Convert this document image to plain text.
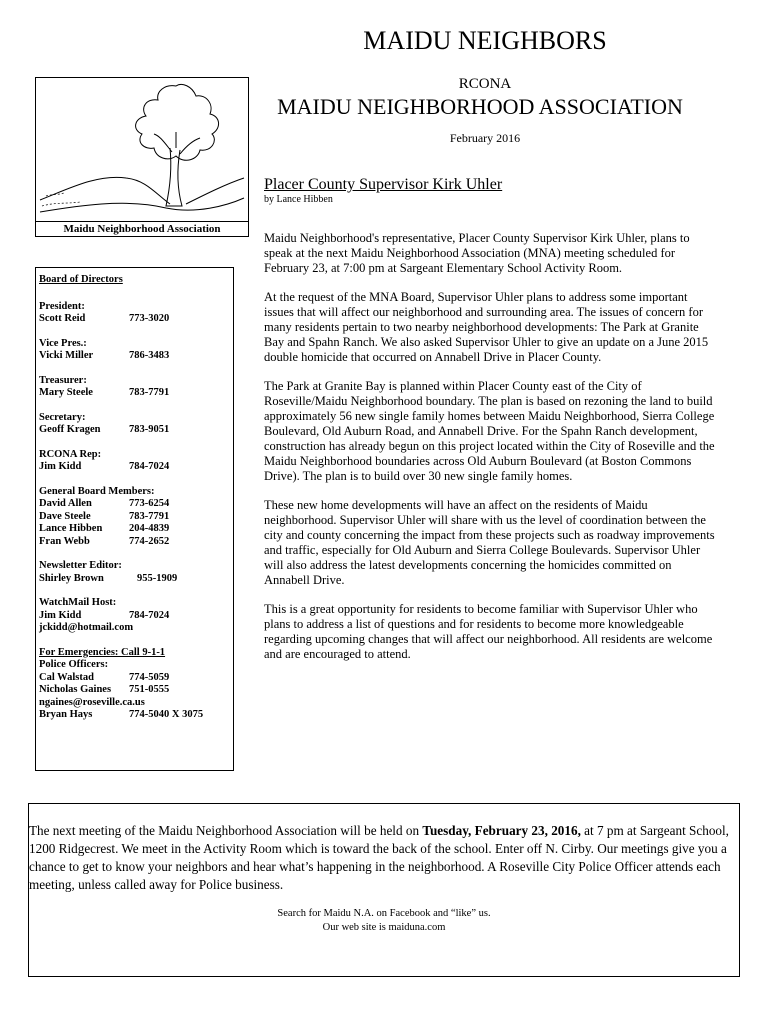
MAIDU NEIGHBORS
RCONA
MAIDU NEIGHBORHOOD ASSOCIATION
February 2016
Maidu Neighborhood Association
Board of Directors
President:
Scott Reid	773-3020
Vice Pres.:
Vicki Miller	786-3483
Treasurer:
Mary Steele	783-7791
Secretary:
Geoff Kragen	783-9051
RCONA Rep:
Jim Kidd	784-7024
General Board Members:
David Allen	773-6254
Dave Steele	783-7791
Lance Hibben	204-4839
Fran Webb	774-2652
Newsletter Editor:
Shirley Brown	955-1909
WatchMail Host:
Jim Kidd	784-7024
jckidd@hotmail.com
For Emergencies: Call 9-1-1
Police Officers:
Cal Walstad	774-5059
Nicholas Gaines	751-0555
ngaines@roseville.ca.us
Bryan Hays	774-5040 X 3075

Placer County Supervisor Kirk Uhler

by Lance Hibben

Maidu Neighborhood's representative, Placer County Supervisor Kirk Uhler, plans to speak at the next Maidu Neighborhood Association (MNA) meeting scheduled for February 23, at 7:00 pm at Sargeant Elementary School Activity Room.

At the request of the MNA Board, Supervisor Uhler plans to address some important issues that will affect our neighborhood and surrounding area. The issues of concern for many residents pertain to two nearby neighborhood developments: The Park at Granite Bay and Spahn Ranch. We also asked Supervisor Uhler to give an update on a June 2015 double homicide that occurred on Annabell Drive in Placer County.

The Park at Granite Bay is planned within Placer County east of the City of Roseville/Maidu Neighborhood boundary. The plan is based on rezoning the land to build approximately 56 new single family homes between Maidu Neighborhood, Sierra College Boulevard, Old Auburn Road, and Annabell Drive. For the Spahn Ranch development, construction has already begun on this project located within the City of Roseville and the Maidu Neighborhood boundaries across Old Auburn Boulevard (at Boston Commons Drive). The plan is to build over 30 new single family homes.

These new home developments will have an affect on the residents of Maidu neighborhood. Supervisor Uhler will share with us the level of coordination between the city and county concerning the impact from these projects such as roadway improvements and traffic, especially for Old Auburn and Sierra College Boulevards. Supervisor Uhler will also address the latest developments concerning the homicides committed on Annabell Drive.

This is a great opportunity for residents to become familiar with Supervisor Uhler who plans to address a list of questions and for residents to become more knowledgeable regarding upcoming changes that will affect our neighborhood. All residents are welcome and are encouraged to attend.

The next meeting of the Maidu Neighborhood Association will be held on Tuesday, February 23, 2016, at 7 pm at Sargeant School, 1200 Ridgecrest. We meet in the Activity Room which is toward the back of the school. Enter off N. Cirby. Our meetings give you a chance to get to know your neighbors and hear what’s happening in the neighborhood. A Roseville City Police Officer attends each meeting, unless called away for Police business.
Search for Maidu N.A. on Facebook and “like” us.
Our web site is maiduna.com
